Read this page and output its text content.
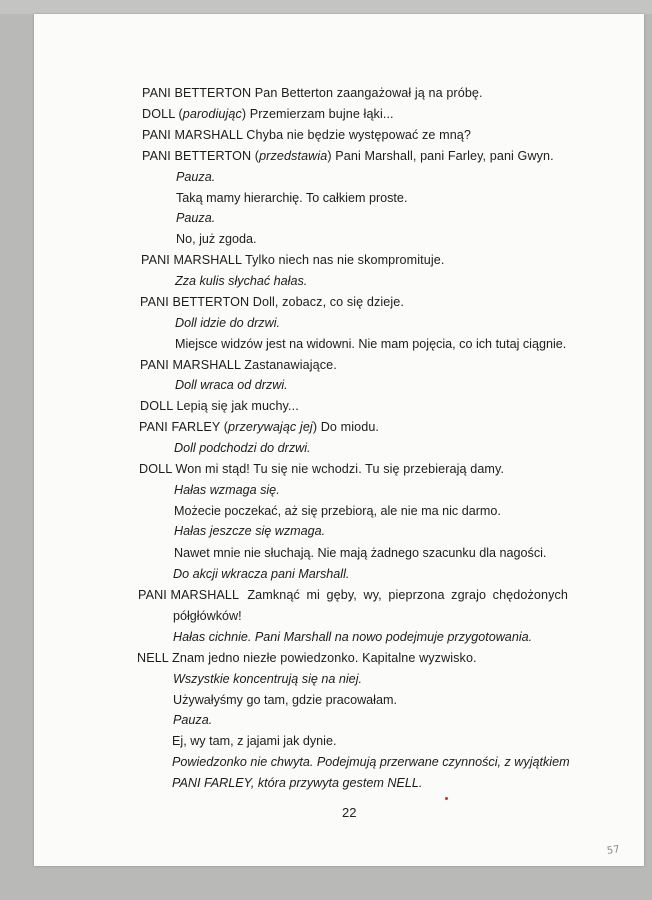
PANI BETTERTON Pan Betterton zaangażował ją na próbę.
DOLL (parodiując) Przemierzam bujne łąki...
PANI MARSHALL Chyba nie będzie występować ze mną?
PANI BETTERTON (przedstawia) Pani Marshall, pani Farley, pani Gwyn.
Pauza.
Taką mamy hierarchię. To całkiem proste.
Pauza.
No, już zgoda.
PANI MARSHALL Tylko niech nas nie skompromituje.
Zza kulis słychać hałas.
PANI BETTERTON Doll, zobacz, co się dzieje.
Doll idzie do drzwi.
Miejsce widzów jest na widowni. Nie mam pojęcia, co ich tutaj ciągnie.
PANI MARSHALL Zastanawiające.
Doll wraca od drzwi.
DOLL Lepią się jak muchy...
PANI FARLEY (przerywając jej) Do miodu.
Doll podchodzi do drzwi.
DOLL Won mi stąd! Tu się nie wchodzi. Tu się przebierają damy.
Hałas wzmaga się.
Możecie poczekać, aż się przebiorą, ale nie ma nic darmo.
Hałas jeszcze się wzmaga.
Nawet mnie nie słuchają. Nie mają żadnego szacunku dla nagości.
Do akcji wkracza pani Marshall.
PANI MARSHALL Zamknąć mi gęby, wy, pieprzona zgrajo chędożonych
półgłówków!
Hałas cichnie. Pani Marshall na nowo podejmuje przygotowania.
NELL Znam jedno niezłe powiedzonko. Kapitalne wyzwisko.
Wszystkie koncentrują się na niej.
Używałyśmy go tam, gdzie pracowałam.
Pauza.
Ej, wy tam, z jajami jak dynie.
Powiedzonko nie chwyta. Podejmują przerwane czynności, z wyjątkiem
PANI FARLEY, która przywyta gestem NELL.
22
57
